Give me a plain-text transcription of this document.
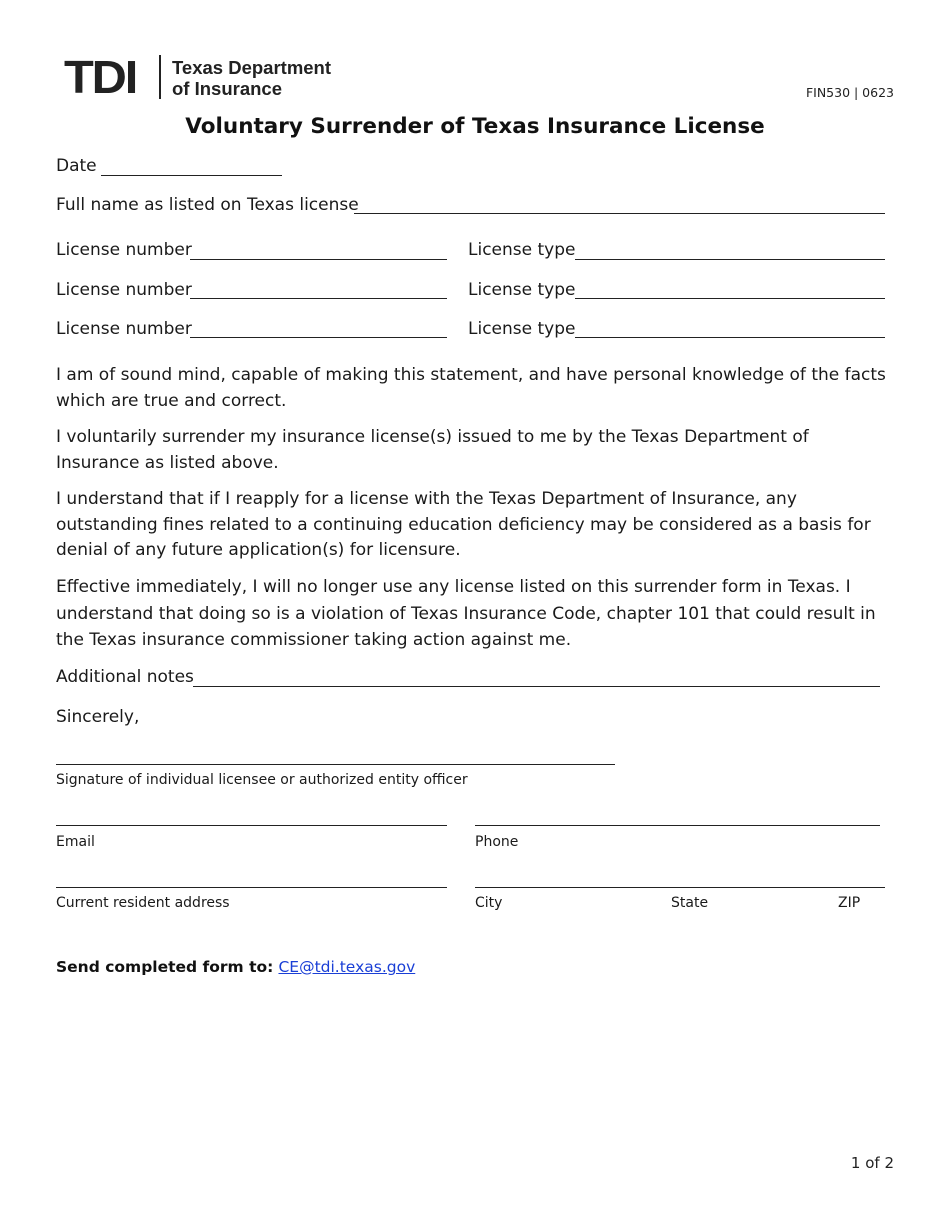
TDI Texas Department
of Insurance	FIN530 | 0623
Voluntary Surrender of Texas Insurance License
Date
Full name as listed on Texas license
License number	License type
License number	License type
License number	License type

I am of sound mind, capable of making this statement, and have personal knowledge of the facts which are true and correct.

I voluntarily surrender my insurance license(s) issued to me by the Texas Department of Insurance as listed above.

I understand that if I reapply for a license with the Texas Department of Insurance, any outstanding fines related to a continuing education deficiency may be considered as a basis for denial of any future application(s) for licensure.

Effective immediately, I will no longer use any license listed on this surrender form in Texas. I understand that doing so is a violation of Texas Insurance Code, chapter 101 that could result in the Texas insurance commissioner taking action against me.

Additional notes
Sincerely,
Signature of individual licensee or authorized entity officer
Email	Phone
Current resident address	City	State	ZIP
Send completed form to: CE@tdi.texas.gov
1 of 2
